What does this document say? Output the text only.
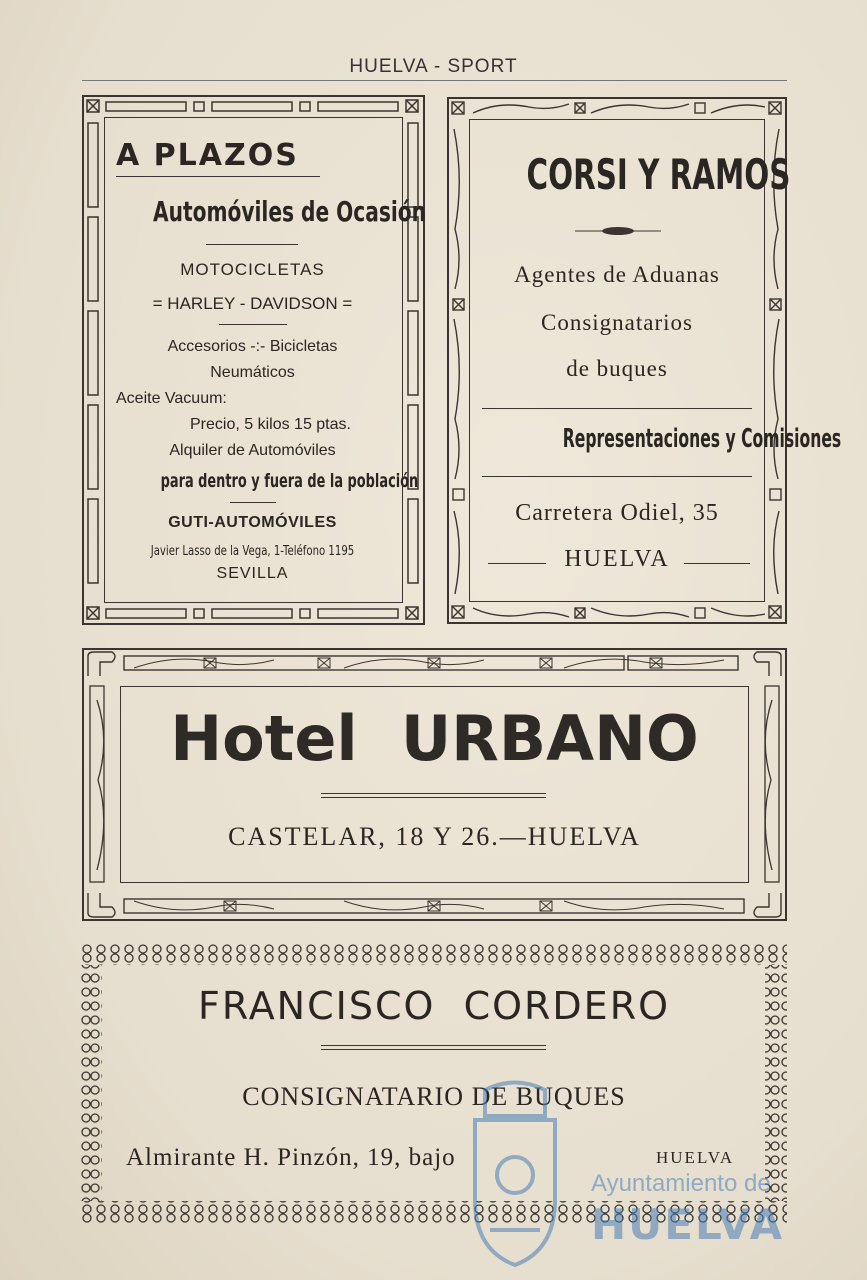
HUELVA - SPORT
A PLAZOS
Automóviles de Ocasión
MOTOCICLETAS
= HARLEY - DAVIDSON =
Accesorios -:- Bicicletas
Neumáticos
Aceite Vacuum:
Precio, 5 kilos 15 ptas.
Alquiler de Automóviles
para dentro y fuera de la población
GUTI-AUTOMÓVILES
Javier Lasso de la Vega, 1-Teléfono 1195
SEVILLA
CORSI Y RAMOS
Agentes de Aduanas
Consignatarios
de buques
Representaciones y Comisiones
Carretera Odiel, 35
HUELVA
Hotel  URBANO
CASTELAR, 18 Y 26.—HUELVA
FRANCISCO  CORDERO
CONSIGNATARIO DE BUQUES
Almirante H. Pinzón, 19, bajo	HUELVA
Ayuntamiento de
HUELVA
